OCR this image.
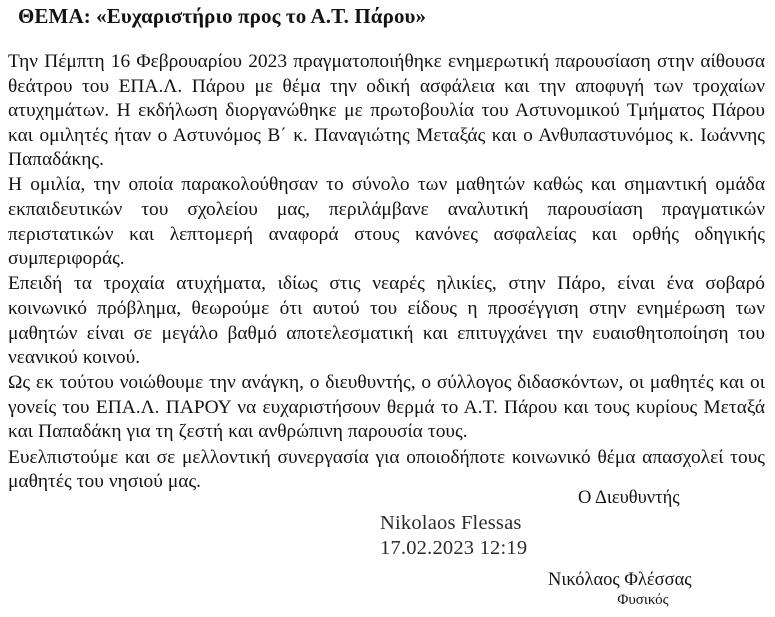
ΘΕΜΑ: «Ευχαριστήριο προς το Α.Τ. Πάρου»

Την Πέμπτη 16 Φεβρουαρίου 2023 πραγματοποιήθηκε ενημερωτική παρουσίαση στην αίθουσα θεάτρου του ΕΠΑ.Λ. Πάρου με θέμα την οδική ασφάλεια και την αποφυγή των τροχαίων ατυχημάτων. Η εκδήλωση διοργανώθηκε με πρωτοβουλία του Αστυνομικού Τμήματος Πάρου και ομιλητές ήταν ο Αστυνόμος Β΄ κ. Παναγιώτης Μεταξάς και ο Ανθυπαστυνόμος κ. Ιωάννης Παπαδάκης.

Η ομιλία, την οποία παρακολούθησαν το σύνολο των μαθητών καθώς και σημαντική ομάδα εκπαιδευτικών του σχολείου μας, περιλάμβανε αναλυτική παρουσίαση πραγματικών περιστατικών και λεπτομερή αναφορά στους κανόνες ασφαλείας και ορθής οδηγικής συμπεριφοράς.

Επειδή τα τροχαία ατυχήματα, ιδίως στις νεαρές ηλικίες, στην Πάρο, είναι ένα σοβαρό κοινωνικό πρόβλημα, θεωρούμε ότι αυτού του είδους η προσέγγιση στην ενημέρωση των μαθητών είναι σε μεγάλο βαθμό αποτελεσματική και επιτυγχάνει την ευαισθητοποίηση του νεανικού κοινού.

Ως εκ τούτου νοιώθουμε την ανάγκη, ο διευθυντής, ο σύλλογος διδασκόντων, οι μαθητές και οι γονείς του ΕΠΑ.Λ. ΠΑΡΟΥ να ευχαριστήσουν θερμά το Α.Τ. Πάρου και τους κυρίους Μεταξά και Παπαδάκη για τη ζεστή και ανθρώπινη παρουσία τους.

Ευελπιστούμε και σε μελλοντική συνεργασία για οποιοδήποτε κοινωνικό θέμα απασχολεί τους μαθητές του νησιού μας.

Ο Διευθυντής
Nikolaos Flessas
17.02.2023 12:19
Νικόλαος Φλέσσας
Φυσικός
